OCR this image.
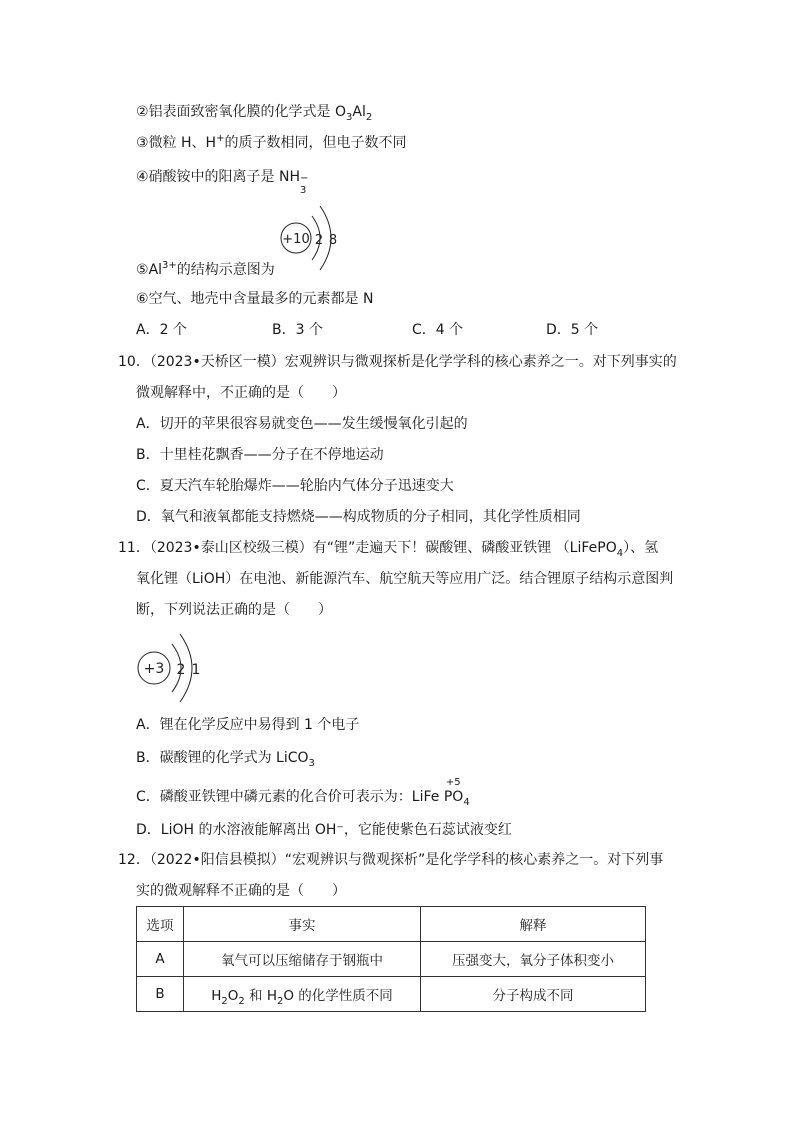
②铝表面致密氧化膜的化学式是 $O_3Al_2$
③微粒 H、H+的质子数相同，但电子数不同
④硝酸铵中的阳离子是 NH −
3
+10 2 8
$⑤Al^{3+}$的结构示意图为
⑥空气、地壳中含量最多的元素都是 N
A．2 个	B．3 个	C．4 个	D．5 个
10．（2023•天桥区一模）宏观辨识与微观探析是化学学科的核心素养之一。对下列事实的
微观解释中，不正确的是（　　）
A．切开的苹果很容易就变色——发生缓慢氧化引起的
B．十里桂花飘香——分子在不停地运动
C．夏天汽车轮胎爆炸——轮胎内气体分子迅速变大
D．氧气和液氧都能支持燃烧——构成物质的分子相同，其化学性质相同
11．（2023•泰山区校级三模）有“锂”走遍天下！碳酸锂、磷酸亚铁锂 （LiFePO$_4$）、氢
氧化锂（LiOH）在电池、新能源汽车、航空航天等应用广泛。结合锂原子结构示意图判
断，下列说法正确的是（　　）
+3 2 1
A．锂在化学反应中易得到 1 个电子
B．碳酸锂的化学式为 LiCO$_3$
C．磷酸亚铁锂中磷元素的化合价可表示为：LiFe
+5
$PO_4$
D．LiOH 的水溶液能解离出 OH⁻，它能使紫色石蕊试液变红
12．（2022•阳信县模拟）“宏观辨识与微观探析”是化学学科的核心素养之一。对下列事
实的微观解释不正确的是（　　）
选项	事实	解释
A	氧气可以压缩储存于钢瓶中	压强变大，氧分子体积变小
B	$H_2O_2$ 和 $H_2O$ 的化学性质不同	分子构成不同
